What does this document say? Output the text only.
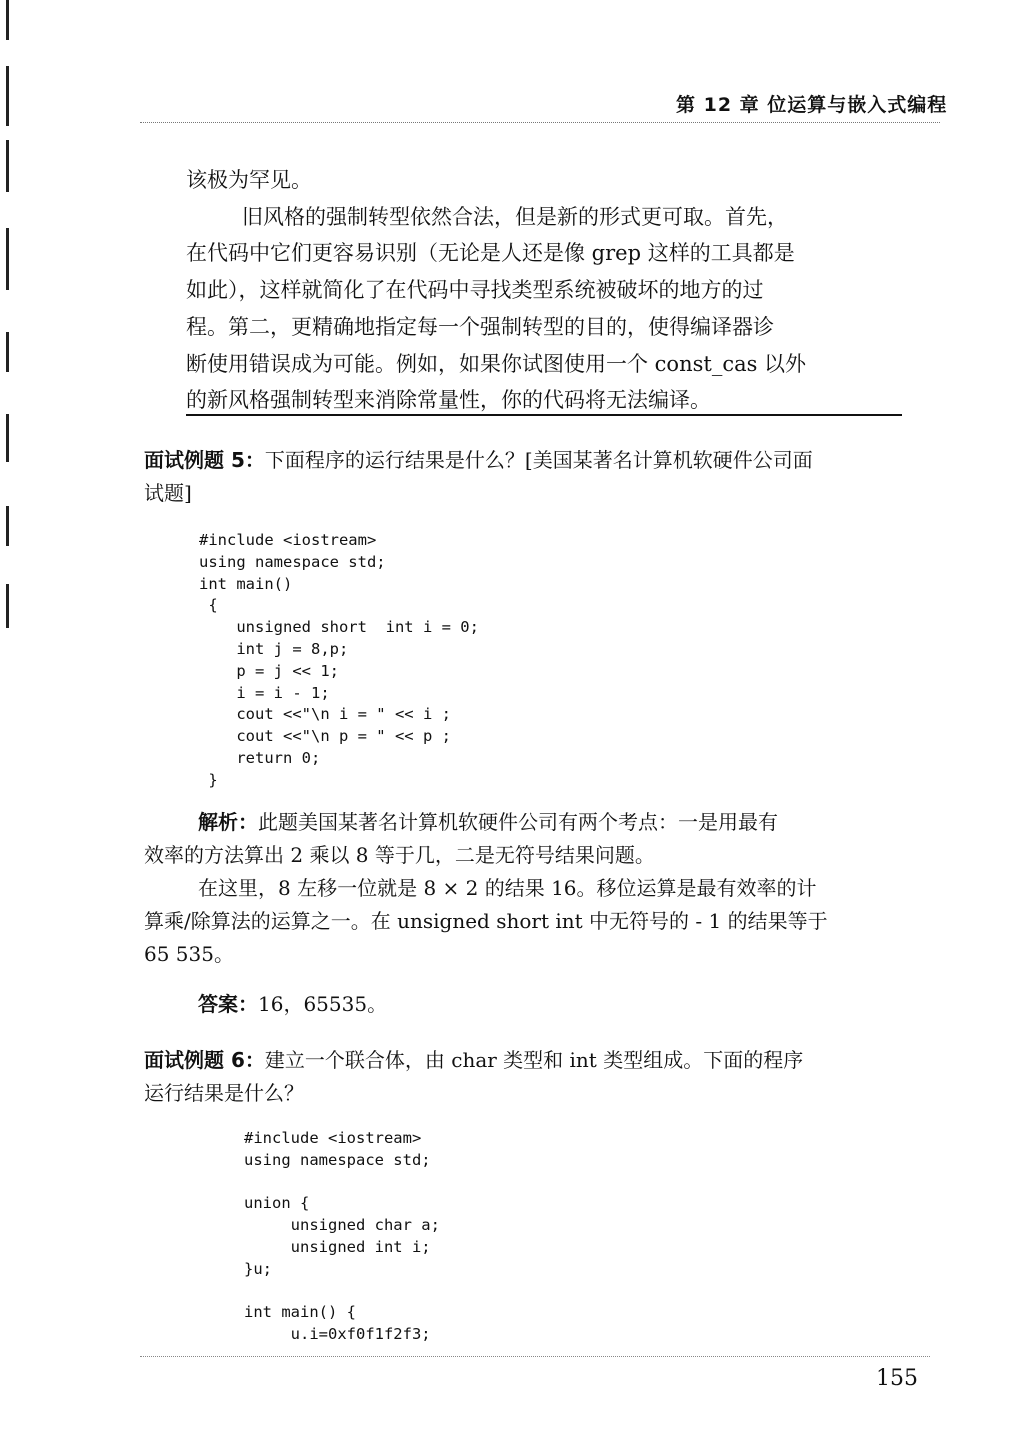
第 12 章 位运算与嵌入式编程

该极为罕见。

旧风格的强制转型依然合法，但是新的形式更可取。首先，

在代码中它们更容易识别（无论是人还是像 grep 这样的工具都是

如此），这样就简化了在代码中寻找类型系统被破坏的地方的过

程。第二，更精确地指定每一个强制转型的目的，使得编译器诊

断使用错误成为可能。例如，如果你试图使用一个 const_cas 以外

的新风格强制转型来消除常量性，你的代码将无法编译。

面试例题 5：下面程序的运行结果是什么？[美国某著名计算机软硬件公司面

试题]

#include <iostream>
using namespace std;
int main()
{
unsigned short  int i = 0;
int j = 8,p;
p = j << 1;
i = i - 1;
cout <<"\n i = " << i ;
cout <<"\n p = " << p ;
return 0;
}

解析：此题美国某著名计算机软硬件公司有两个考点：一是用最有

效率的方法算出 2 乘以 8 等于几，二是无符号结果问题。

在这里，8 左移一位就是 8 × 2 的结果 16。移位运算是最有效率的计

算乘/除算法的运算之一。在 unsigned short int 中无符号的 - 1 的结果等于

65 535。

答案：16，65535。

面试例题 6：建立一个联合体，由 char 类型和 int 类型组成。下面的程序

运行结果是什么？

#include <iostream>
using namespace std;

union {
unsigned char a;
unsigned int i;
}u;

int main() {
u.i=0xf0f1f2f3;
155
